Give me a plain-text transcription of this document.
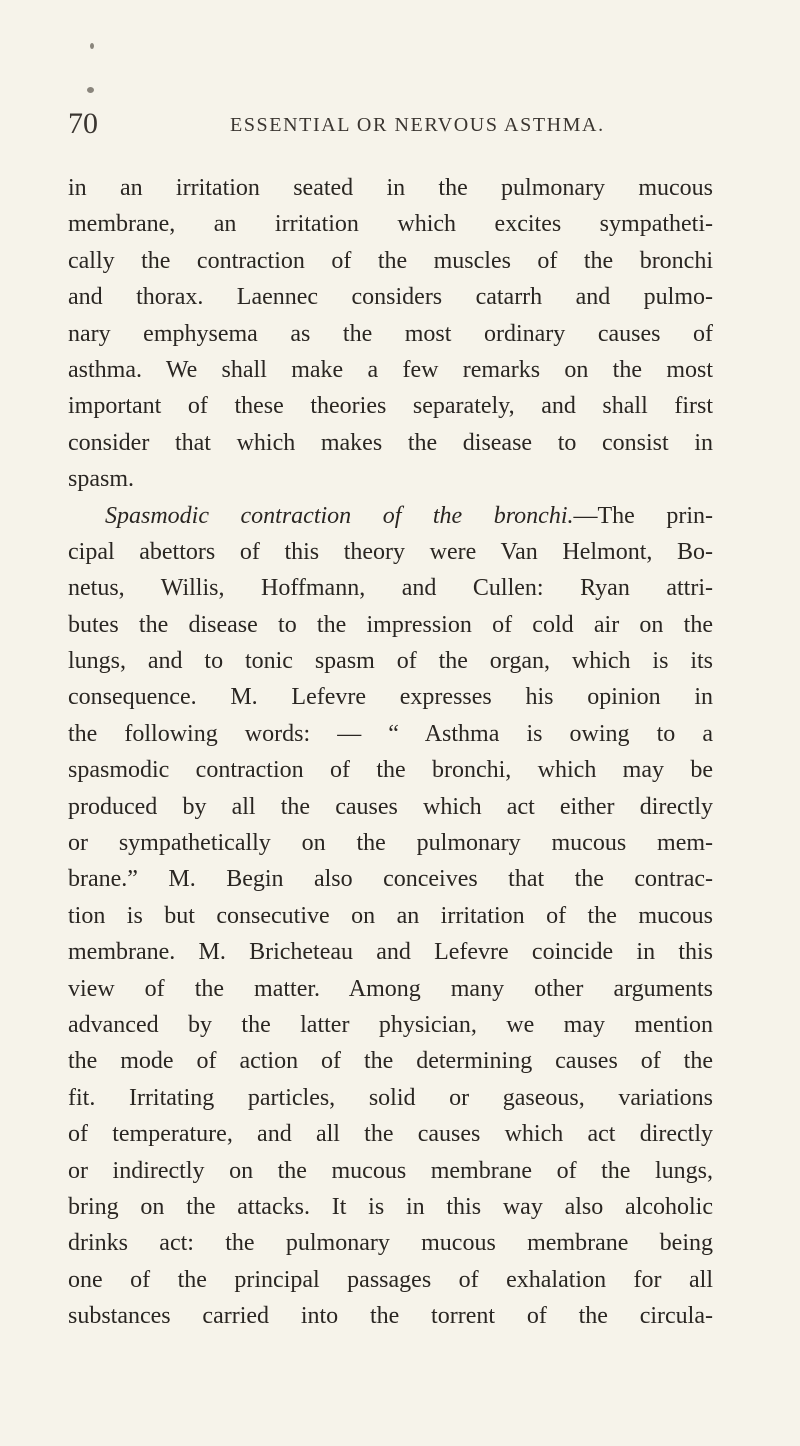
70	ESSENTIAL OR NERVOUS ASTHMA.
in an irritation seated in the pulmonary mucous
membrane, an irritation which excites sympatheti-
cally the contraction of the muscles of the bronchi
and thorax. Laennec considers catarrh and pulmo-
nary emphysema as the most ordinary causes of
asthma. We shall make a few remarks on the most
important of these theories separately, and shall first
consider that which makes the disease to consist in
spasm.
Spasmodic contraction of the bronchi.—The prin-
cipal abettors of this theory were Van Helmont, Bo-
netus, Willis, Hoffmann, and Cullen: Ryan attri-
butes the disease to the impression of cold air on the
lungs, and to tonic spasm of the organ, which is its
consequence. M. Lefevre expresses his opinion in
the following words: — “ Asthma is owing to a
spasmodic contraction of the bronchi, which may be
produced by all the causes which act either directly
or sympathetically on the pulmonary mucous mem-
brane.” M. Begin also conceives that the contrac-
tion is but consecutive on an irritation of the mucous
membrane. M. Bricheteau and Lefevre coincide in this
view of the matter. Among many other arguments
advanced by the latter physician, we may mention
the mode of action of the determining causes of the
fit. Irritating particles, solid or gaseous, variations
of temperature, and all the causes which act directly
or indirectly on the mucous membrane of the lungs,
bring on the attacks. It is in this way also alcoholic
drinks act: the pulmonary mucous membrane being
one of the principal passages of exhalation for all
substances carried into the torrent of the circula-
